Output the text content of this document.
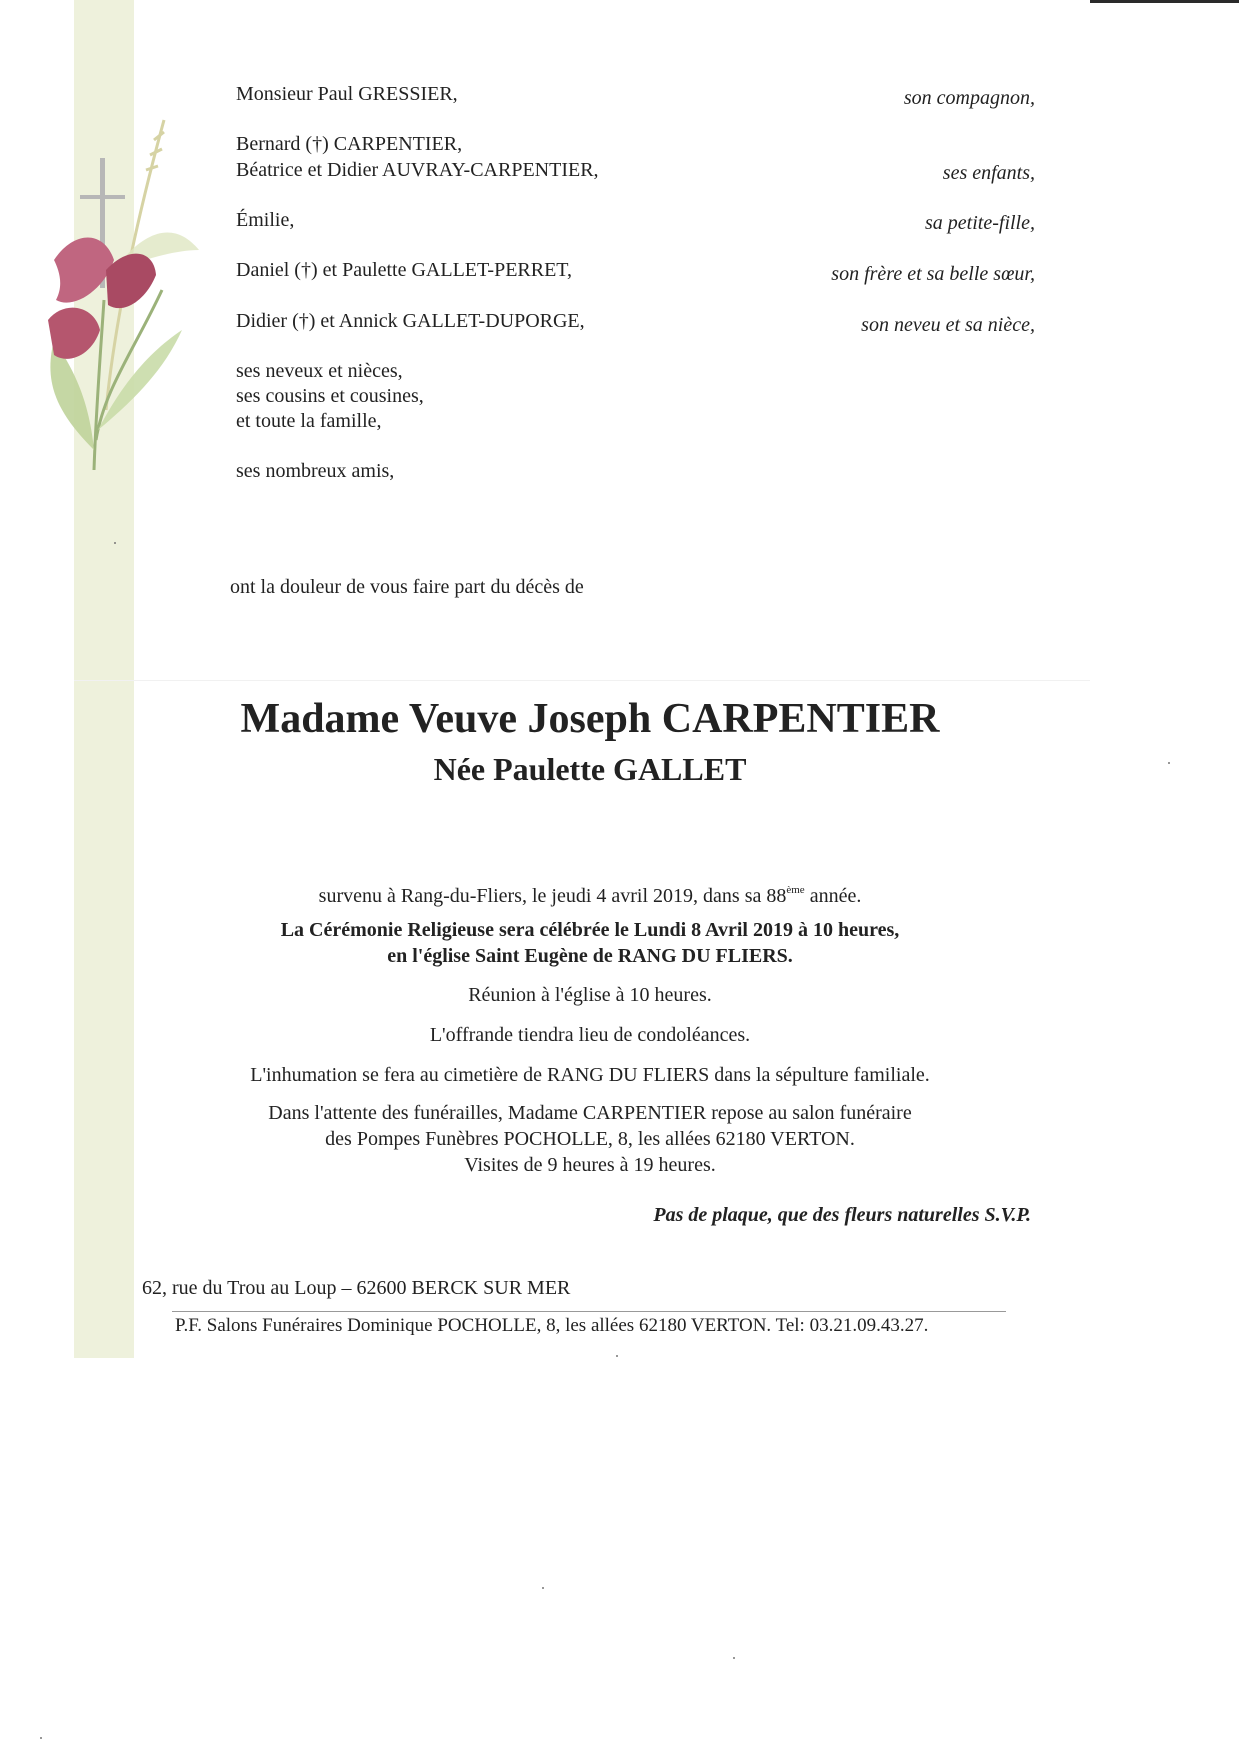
Monsieur Paul GRESSIER,	son compagnon,
Bernard (†) CARPENTIER,
Béatrice et Didier AUVRAY-CARPENTIER,	ses enfants,
Émilie,	sa petite-fille,
Daniel (†) et Paulette GALLET-PERRET,	son frère et sa belle sœur,
Didier (†) et Annick GALLET-DUPORGE,	son neveu et sa nièce,
ses neveux et nièces,
ses cousins et cousines,
et toute la famille,
ses nombreux amis,
ont la douleur de vous faire part du décès de
Madame Veuve Joseph CARPENTIER
Née Paulette GALLET
survenu à Rang-du-Fliers, le jeudi 4 avril 2019, dans sa 88ème année.
La Cérémonie Religieuse sera célébrée le Lundi 8 Avril 2019 à 10 heures,
en l'église Saint Eugène de RANG DU FLIERS.
Réunion à l'église à 10 heures.
L'offrande tiendra lieu de condoléances.
L'inhumation se fera au cimetière de RANG DU FLIERS dans la sépulture familiale.
Dans l'attente des funérailles, Madame CARPENTIER repose au salon funéraire
des Pompes Funèbres POCHOLLE, 8, les allées 62180 VERTON.
Visites de 9 heures à 19 heures.
Pas de plaque, que des fleurs naturelles S.V.P.
62, rue du Trou au Loup – 62600 BERCK SUR MER
P.F. Salons Funéraires Dominique POCHOLLE, 8, les allées 62180 VERTON. Tel: 03.21.09.43.27.
